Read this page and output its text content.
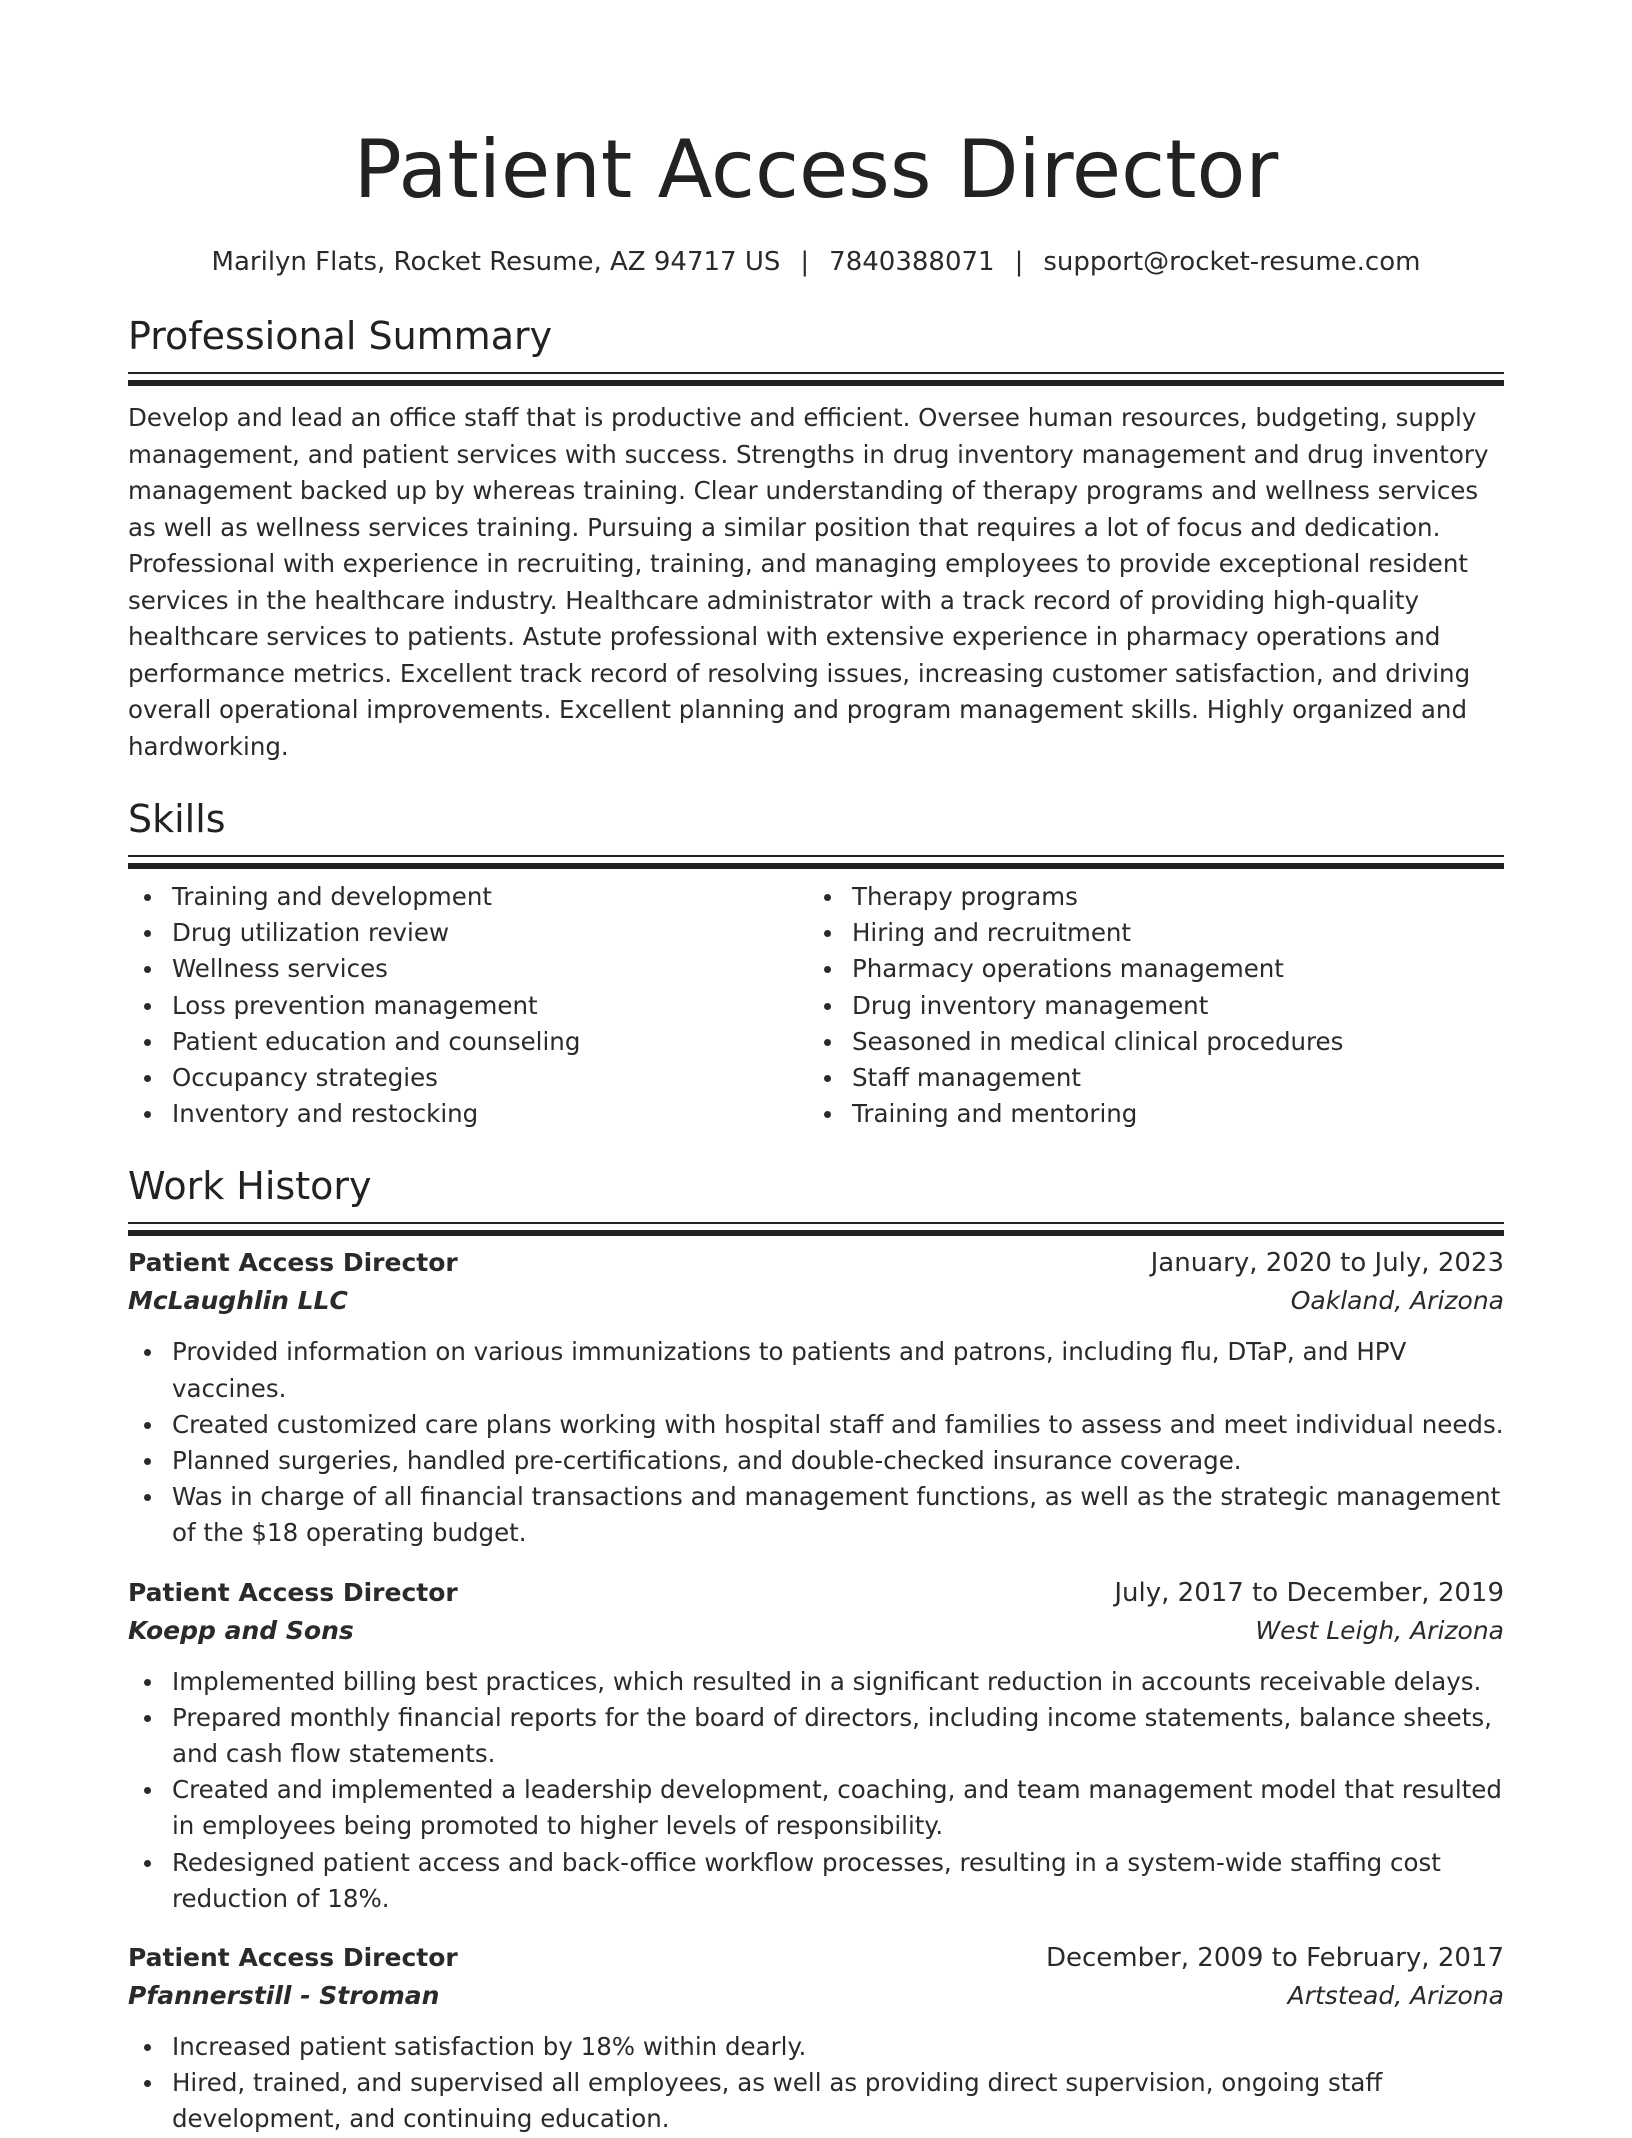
Patient Access Director
Marilyn Flats, Rocket Resume, AZ 94717 US | 7840388071 | support@rocket-resume.com
Professional Summary

Develop and lead an office staff that is productive and efficient. Oversee human resources, budgeting, supply management, and patient services with success. Strengths in drug inventory management and drug inventory management backed up by whereas training. Clear understanding of therapy programs and wellness services as well as wellness services training. Pursuing a similar position that requires a lot of focus and dedication. Professional with experience in recruiting, training, and managing employees to provide exceptional resident services in the healthcare industry. Healthcare administrator with a track record of providing high-quality healthcare services to patients. Astute professional with extensive experience in pharmacy operations and performance metrics. Excellent track record of resolving issues, increasing customer satisfaction, and driving overall operational improvements. Excellent planning and program management skills. Highly organized and hardworking.

Skills
Training and development
Drug utilization review
Wellness services
Loss prevention management
Patient education and counseling
Occupancy strategies
Inventory and restocking
Therapy programs
Hiring and recruitment
Pharmacy operations management
Drug inventory management
Seasoned in medical clinical procedures
Staff management
Training and mentoring
Work History
Patient Access Director	January, 2020 to July, 2023
McLaughlin LLC	Oakland, Arizona
Provided information on various immunizations to patients and patrons, including flu, DTaP, and HPV vaccines.
Created customized care plans working with hospital staff and families to assess and meet individual needs.
Planned surgeries, handled pre-certifications, and double-checked insurance coverage.
Was in charge of all financial transactions and management functions, as well as the strategic management of the $18 operating budget.
Patient Access Director	July, 2017 to December, 2019
Koepp and Sons	West Leigh, Arizona
Implemented billing best practices, which resulted in a significant reduction in accounts receivable delays.
Prepared monthly financial reports for the board of directors, including income statements, balance sheets, and cash flow statements.
Created and implemented a leadership development, coaching, and team management model that resulted in employees being promoted to higher levels of responsibility.
Redesigned patient access and back-office workflow processes, resulting in a system-wide staffing cost reduction of 18%.
Patient Access Director	December, 2009 to February, 2017
Pfannerstill - Stroman	Artstead, Arizona
Increased patient satisfaction by 18% within dearly.
Hired, trained, and supervised all employees, as well as providing direct supervision, ongoing staff development, and continuing education.
